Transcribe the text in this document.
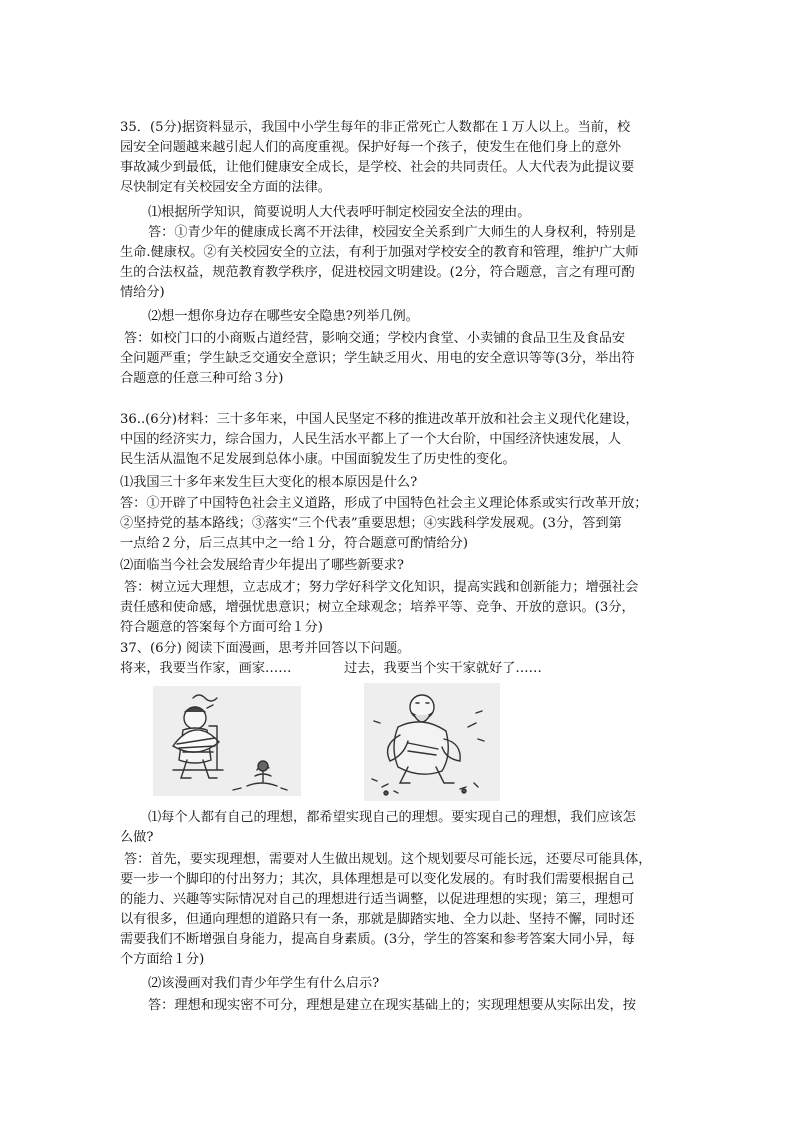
35．(5分)据资料显示，我国中小学生每年的非正常死亡人数都在１万人以上。当前，校
园安全问题越来越引起人们的高度重视。保护好每一个孩子，使发生在他们身上的意外
事故减少到最低，让他们健康安全成长，是学校、社会的共同责任。人大代表为此提议要
尽快制定有关校园安全方面的法律。
⑴根据所学知识，简要说明人大代表呼吁制定校园安全法的理由。
答：①青少年的健康成长离不开法律，校园安全关系到广大师生的人身权利，特别是
生命.健康权。②有关校园安全的立法，有利于加强对学校安全的教育和管理，维护广大师
生的合法权益，规范教育教学秩序，促进校园文明建设。(2分，符合题意，言之有理可酌
情给分)
⑵想一想你身边存在哪些安全隐患?列举几例。
答：如校门口的小商贩占道经营，影响交通；学校内食堂、小卖铺的食品卫生及食品安
全问题严重；学生缺乏交通安全意识；学生缺乏用火、用电的安全意识等等(3分，举出符
合题意的任意三种可给３分)
36..(6分)材料：三十多年来，中国人民坚定不移的推进改革开放和社会主义现代化建设，
中国的经济实力，综合国力，人民生活水平都上了一个大台阶，中国经济快速发展，人
民生活从温饱不足发展到总体小康。中国面貌发生了历史性的变化。
⑴我国三十多年来发生巨大变化的根本原因是什么?
答：①开辟了中国特色社会主义道路，形成了中国特色社会主义理论体系或实行改革开放；
②坚持党的基本路线；③落实“三个代表”重要思想；④实践科学发展观。(3分，答到第
一点给２分，后三点其中之一给１分，符合题意可酌情给分)
⑵面临当今社会发展给青少年提出了哪些新要求?
答：树立远大理想，立志成才；努力学好科学文化知识，提高实践和创新能力；增强社会
责任感和使命感，增强忧患意识；树立全球观念；培养平等、竞争、开放的意识。(3分，
符合题意的答案每个方面可给１分)
37、(6分) 阅读下面漫画，思考并回答以下问题。
将来，我要当作家，画家……	过去，我要当个实干家就好了……
⑴每个人都有自己的理想，都希望实现自己的理想。要实现自己的理想，我们应该怎
么做?
答：首先，要实现理想，需要对人生做出规划。这个规划要尽可能长远，还要尽可能具体，
要一步一个脚印的付出努力；其次，具体理想是可以变化发展的。有时我们需要根据自己
的能力、兴趣等实际情况对自己的理想进行适当调整，以促进理想的实现；第三，理想可
以有很多，但通向理想的道路只有一条，那就是脚踏实地、全力以赴、坚持不懈，同时还
需要我们不断增强自身能力，提高自身素质。(3分，学生的答案和参考答案大同小异，每
个方面给１分)
⑵该漫画对我们青少年学生有什么启示?
答：理想和现实密不可分，理想是建立在现实基础上的；实现理想要从实际出发，按
